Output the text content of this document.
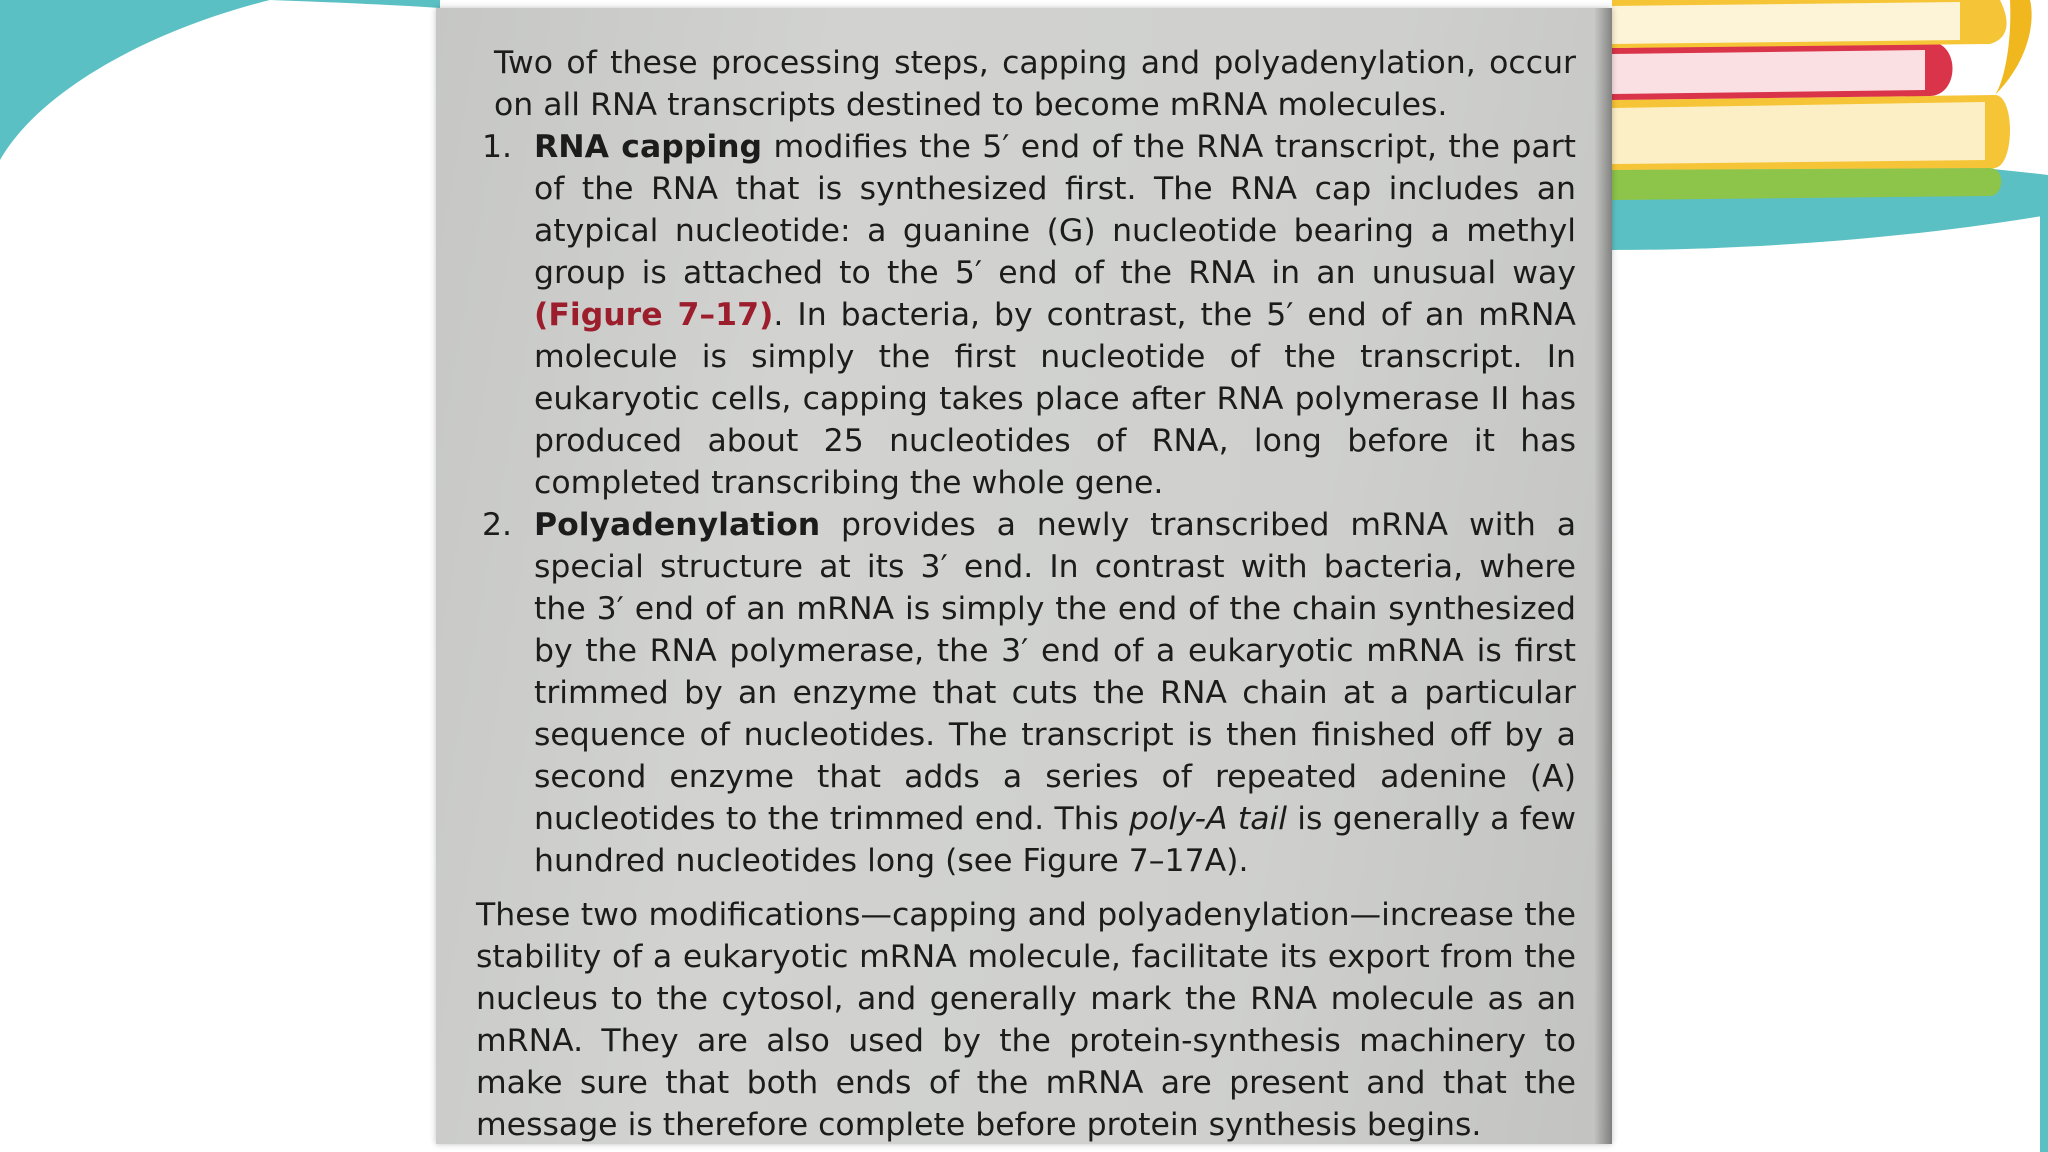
Two of these processing steps, capping and polyadenylation, occur on all RNA transcripts destined to become mRNA molecules.

1. RNA capping modifies the 5′ end of the RNA transcript, the part of the RNA that is synthesized first. The RNA cap includes an atypical nucleotide: a guanine (G) nucleotide bearing a methyl group is attached to the 5′ end of the RNA in an unusual way (Figure 7–17). In bacteria, by contrast, the 5′ end of an mRNA molecule is simply the first nucleotide of the transcript. In eukaryotic cells, capping takes place after RNA polymerase II has produced about 25 nucleotides of RNA, long before it has completed transcribing the whole gene.

2. Polyadenylation provides a newly transcribed mRNA with a special structure at its 3′ end. In contrast with bacteria, where the 3′ end of an mRNA is simply the end of the chain synthesized by the RNA polymerase, the 3′ end of a eukaryotic mRNA is first trimmed by an enzyme that cuts the RNA chain at a particular sequence of nucleotides. The transcript is then finished off by a second enzyme that adds a series of repeated adenine (A) nucleotides to the trimmed end. This poly-A tail is generally a few hundred nucleotides long (see Figure 7–17A).

These two modifications—capping and polyadenylation—increase the stability of a eukaryotic mRNA molecule, facilitate its export from the nucleus to the cytosol, and generally mark the RNA molecule as an mRNA. They are also used by the protein-synthesis machinery to make sure that both ends of the mRNA are present and that the message is therefore complete before protein synthesis begins.
